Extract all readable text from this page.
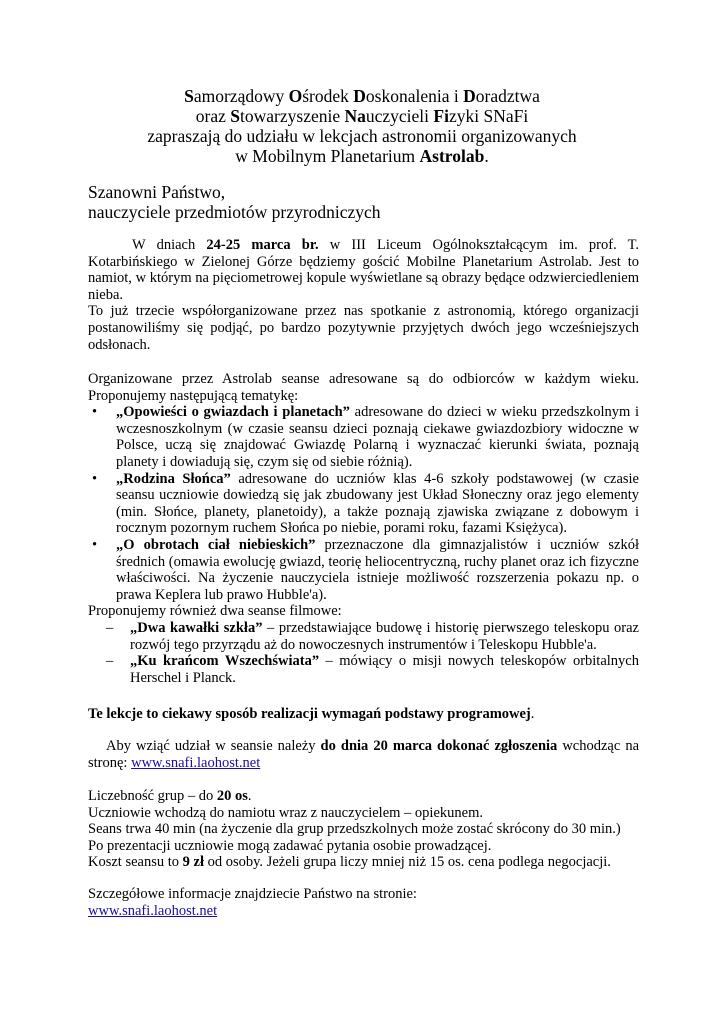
Samorządowy Ośrodek Doskonalenia i Doradztwa
oraz Stowarzyszenie Nauczycieli Fizyki SNaFi
zapraszają do udziału w lekcjach astronomii organizowanych
w Mobilnym Planetarium Astrolab.
Szanowni Państwo,
nauczyciele przedmiotów przyrodniczych

W dniach 24-25 marca br. w III Liceum Ogólnokształcącym im. prof. T. Kotarbińskiego w Zielonej Górze będziemy gościć Mobilne Planetarium Astrolab. Jest to namiot, w którym na pięciometrowej kopule wyświetlane są obrazy będące odzwierciedleniem nieba.

To już trzecie współorganizowane przez nas spotkanie z astronomią, którego organizacji postanowiliśmy się podjąć, po bardzo pozytywnie przyjętych dwóch jego wcześniejszych odsłonach.

Organizowane przez Astrolab seanse adresowane są do odbiorców w każdym wieku. Proponujemy następującą tematykę:

• „Opowieści o gwiazdach i planetach” adresowane do dzieci w wieku przedszkolnym i wczesnoszkolnym (w czasie seansu dzieci poznają ciekawe gwiazdozbiory widoczne w Polsce, uczą się znajdować Gwiazdę Polarną i wyznaczać kierunki świata, poznają planety i dowiadują się, czym się od siebie różnią).
• „Rodzina Słońca” adresowane do uczniów klas 4-6 szkoły podstawowej (w czasie seansu uczniowie dowiedzą się jak zbudowany jest Układ Słoneczny oraz jego elementy (min. Słońce, planety, planetoidy), a także poznają zjawiska związane z dobowym i rocznym pozornym ruchem Słońca po niebie, porami roku, fazami Księżyca).
• „O obrotach ciał niebieskich” przeznaczone dla gimnazjalistów i uczniów szkół średnich (omawia ewolucję gwiazd, teorię heliocentryczną, ruchy planet oraz ich fizyczne właściwości. Na życzenie nauczyciela istnieje możliwość rozszerzenia pokazu np. o prawa Keplera lub prawo Hubble'a).

Proponujemy również dwa seanse filmowe:

– „Dwa kawałki szkła” – przedstawiające budowę i historię pierwszego teleskopu oraz rozwój tego przyrządu aż do nowoczesnych instrumentów i Teleskopu Hubble'a.
– „Ku krańcom Wszechświata” – mówiący o misji nowych teleskopów orbitalnych Herschel i Planck.

Te lekcje to ciekawy sposób realizacji wymagań podstawy programowej.

Aby wziąć udział w seansie należy do dnia 20 marca dokonać zgłoszenia wchodząc na stronę: www.snafi.laohost.net

Liczebność grup – do 20 os.

Uczniowie wchodzą do namiotu wraz z nauczycielem – opiekunem.

Seans trwa 40 min (na życzenie dla grup przedszkolnych może zostać skrócony do 30 min.)

Po prezentacji uczniowie mogą zadawać pytania osobie prowadzącej.

Koszt seansu to 9 zł od osoby. Jeżeli grupa liczy mniej niż 15 os. cena podlega negocjacji.

Szczegółowe informacje znajdziecie Państwo na stronie:

www.snafi.laohost.net
